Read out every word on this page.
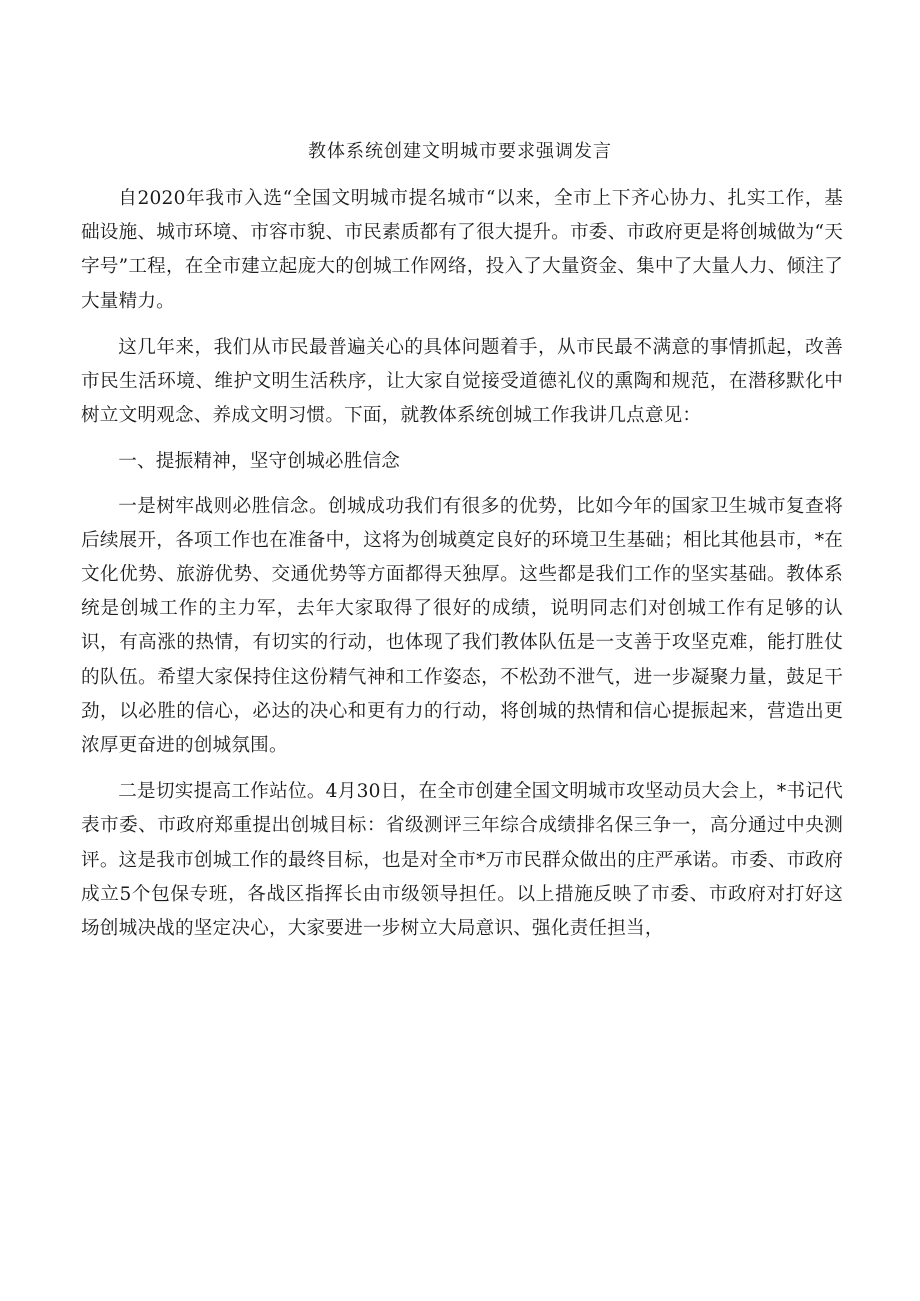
教体系统创建文明城市要求强调发言

自2020年我市入选“全国文明城市提名城市“以来，全市上下齐心协力、扎实工作，基础设施、城市环境、市容市貌、市民素质都有了很大提升。市委、市政府更是将创城做为“天字号”工程，在全市建立起庞大的创城工作网络，投入了大量资金、集中了大量人力、倾注了大量精力。

这几年来，我们从市民最普遍关心的具体问题着手，从市民最不满意的事情抓起，改善市民生活环境、维护文明生活秩序，让大家自觉接受道德礼仪的熏陶和规范，在潜移默化中树立文明观念、养成文明习惯。下面，就教体系统创城工作我讲几点意见：

一、提振精神，坚守创城必胜信念

一是树牢战则必胜信念。创城成功我们有很多的优势，比如今年的国家卫生城市复查将后续展开，各项工作也在准备中，这将为创城奠定良好的环境卫生基础；相比其他县市，*在文化优势、旅游优势、交通优势等方面都得天独厚。这些都是我们工作的坚实基础。教体系统是创城工作的主力军，去年大家取得了很好的成绩，说明同志们对创城工作有足够的认识，有高涨的热情，有切实的行动，也体现了我们教体队伍是一支善于攻坚克难，能打胜仗的队伍。希望大家保持住这份精气神和工作姿态，不松劲不泄气，进一步凝聚力量，鼓足干劲，以必胜的信心，必达的决心和更有力的行动，将创城的热情和信心提振起来，营造出更浓厚更奋进的创城氛围。

二是切实提高工作站位。4月30日，在全市创建全国文明城市攻坚动员大会上，*书记代表市委、市政府郑重提出创城目标：省级测评三年综合成绩排名保三争一，高分通过中央测评。这是我市创城工作的最终目标，也是对全市*万市民群众做出的庄严承诺。市委、市政府成立5个包保专班，各战区指挥长由市级领导担任。以上措施反映了市委、市政府对打好这场创城决战的坚定决心，大家要进一步树立大局意识、强化责任担当，
